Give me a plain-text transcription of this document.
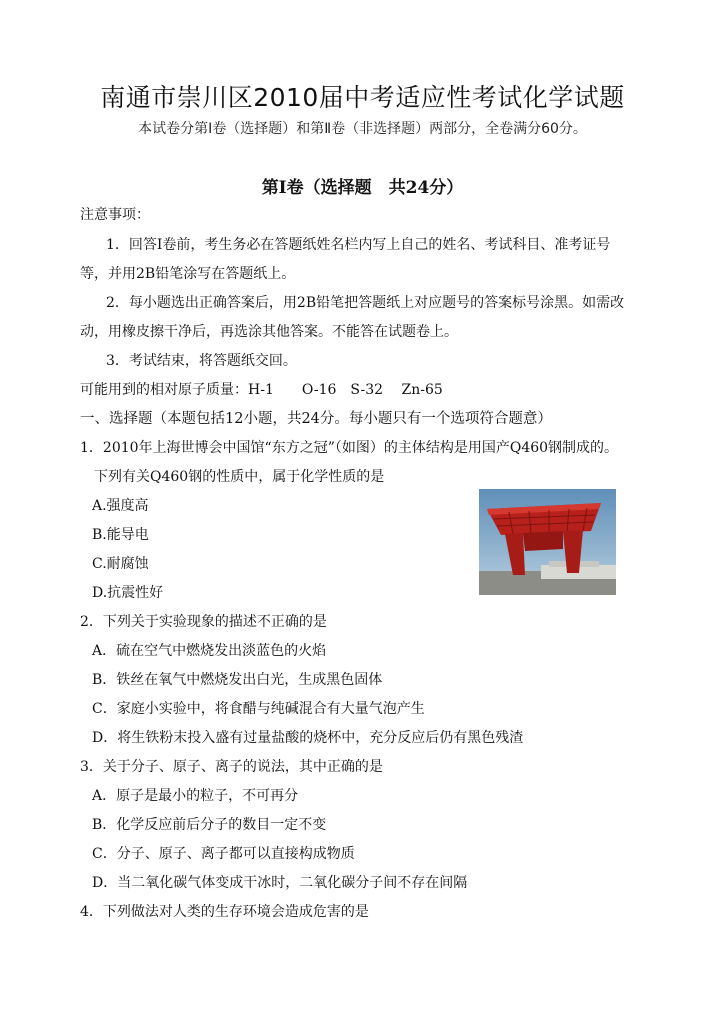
南通市崇川区2010届中考适应性考试化学试题
本试卷分第Ⅰ卷（选择题）和第Ⅱ卷（非选择题）两部分，全卷满分60分。
第Ⅰ卷（选择题　共24分）
注意事项：
1．回答Ⅰ卷前，考生务必在答题纸姓名栏内写上自己的姓名、考试科目、准考证号
等，并用2B铅笔涂写在答题纸上。
2．每小题选出正确答案后，用2B铅笔把答题纸上对应题号的答案标号涂黑。如需改
动，用橡皮擦干净后，再选涂其他答案。不能答在试题卷上。
3．考试结束，将答题纸交回。
可能用到的相对原子质量：H-1　　O-16　S-32　 Zn-65
一、选择题（本题包括12小题，共24分。每小题只有一个选项符合题意）
1．2010年上海世博会中国馆“东方之冠”（如图）的主体结构是用国产Q460钢制成的。
下列有关Q460钢的性质中，属于化学性质的是
A.强度高
B.能导电
C.耐腐蚀
D.抗震性好
2．下列关于实验现象的描述不正确的是
A．硫在空气中燃烧发出淡蓝色的火焰
B．铁丝在氧气中燃烧发出白光，生成黑色固体
C．家庭小实验中，将食醋与纯碱混合有大量气泡产生
D．将生铁粉末投入盛有过量盐酸的烧杯中，充分反应后仍有黑色残渣
3．关于分子、原子、离子的说法，其中正确的是
A．原子是最小的粒子，不可再分
B．化学反应前后分子的数目一定不变
C．分子、原子、离子都可以直接构成物质
D．当二氧化碳气体变成干冰时，二氧化碳分子间不存在间隔
4．下列做法对人类的生存环境会造成危害的是
